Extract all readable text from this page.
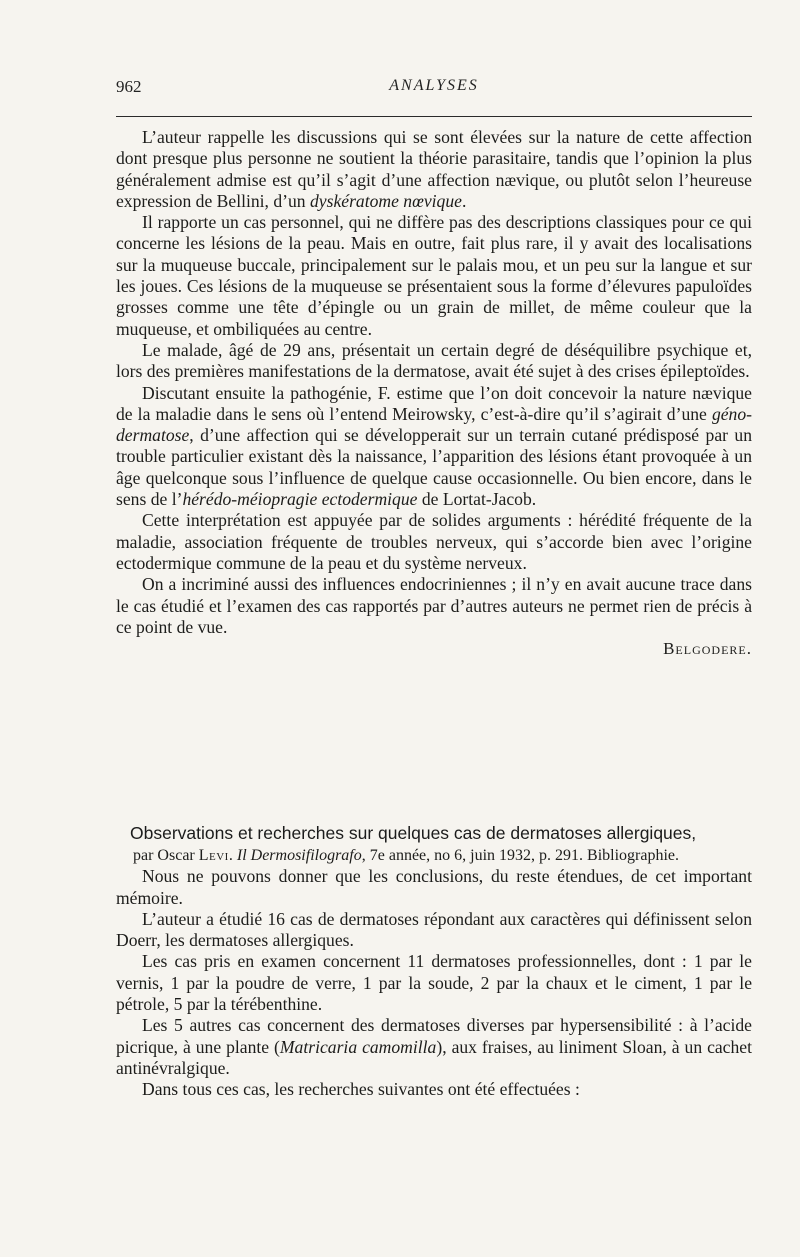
962	ANALYSES

L’auteur rappelle les discussions qui se sont élevées sur la nature de cette affection dont presque plus personne ne soutient la théorie parasitaire, tandis que l’opinion la plus généralement admise est qu’il s’agit d’une affection nævique, ou plutôt selon l’heureuse expression de Bellini, d’un dyskératome nœvique.

Il rapporte un cas personnel, qui ne diffère pas des descriptions classiques pour ce qui concerne les lésions de la peau. Mais en outre, fait plus rare, il y avait des localisations sur la muqueuse buccale, principalement sur le palais mou, et un peu sur la langue et sur les joues. Ces lésions de la muqueuse se présentaient sous la forme d’élevures papuloïdes grosses comme une tête d’épingle ou un grain de millet, de même couleur que la muqueuse, et ombiliquées au centre.

Le malade, âgé de 29 ans, présentait un certain degré de déséquilibre psychique et, lors des premières manifestations de la dermatose, avait été sujet à des crises épileptoïdes.

Discutant ensuite la pathogénie, F. estime que l’on doit concevoir la nature nævique de la maladie dans le sens où l’entend Meirowsky, c’est-à-dire qu’il s’agirait d’une géno-dermatose, d’une affection qui se développerait sur un terrain cutané prédisposé par un trouble particulier existant dès la naissance, l’apparition des lésions étant provoquée à un âge quelconque sous l’influence de quelque cause occasionnelle. Ou bien encore, dans le sens de l’hérédo-méiopragie ectodermique de Lortat-Jacob.

Cette interprétation est appuyée par de solides arguments : hérédité fréquente de la maladie, association fréquente de troubles nerveux, qui s’accorde bien avec l’origine ectodermique commune de la peau et du système nerveux.

On a incriminé aussi des influences endocriniennes ; il n’y en avait aucune trace dans le cas étudié et l’examen des cas rapportés par d’autres auteurs ne permet rien de précis à ce point de vue.

Belgodere.
Observations et recherches sur quelques cas de dermatoses allergiques,
par Oscar Levi. Il Dermosifilografo, 7e année, no 6, juin 1932, p. 291. Bibliographie.

Nous ne pouvons donner que les conclusions, du reste étendues, de cet important mémoire.

L’auteur a étudié 16 cas de dermatoses répondant aux caractères qui définissent selon Doerr, les dermatoses allergiques.

Les cas pris en examen concernent 11 dermatoses professionnelles, dont : 1 par le vernis, 1 par la poudre de verre, 1 par la soude, 2 par la chaux et le ciment, 1 par le pétrole, 5 par la térébenthine.

Les 5 autres cas concernent des dermatoses diverses par hypersensibilité : à l’acide picrique, à une plante (Matricaria camomilla), aux fraises, au liniment Sloan, à un cachet antinévralgique.

Dans tous ces cas, les recherches suivantes ont été effectuées :
